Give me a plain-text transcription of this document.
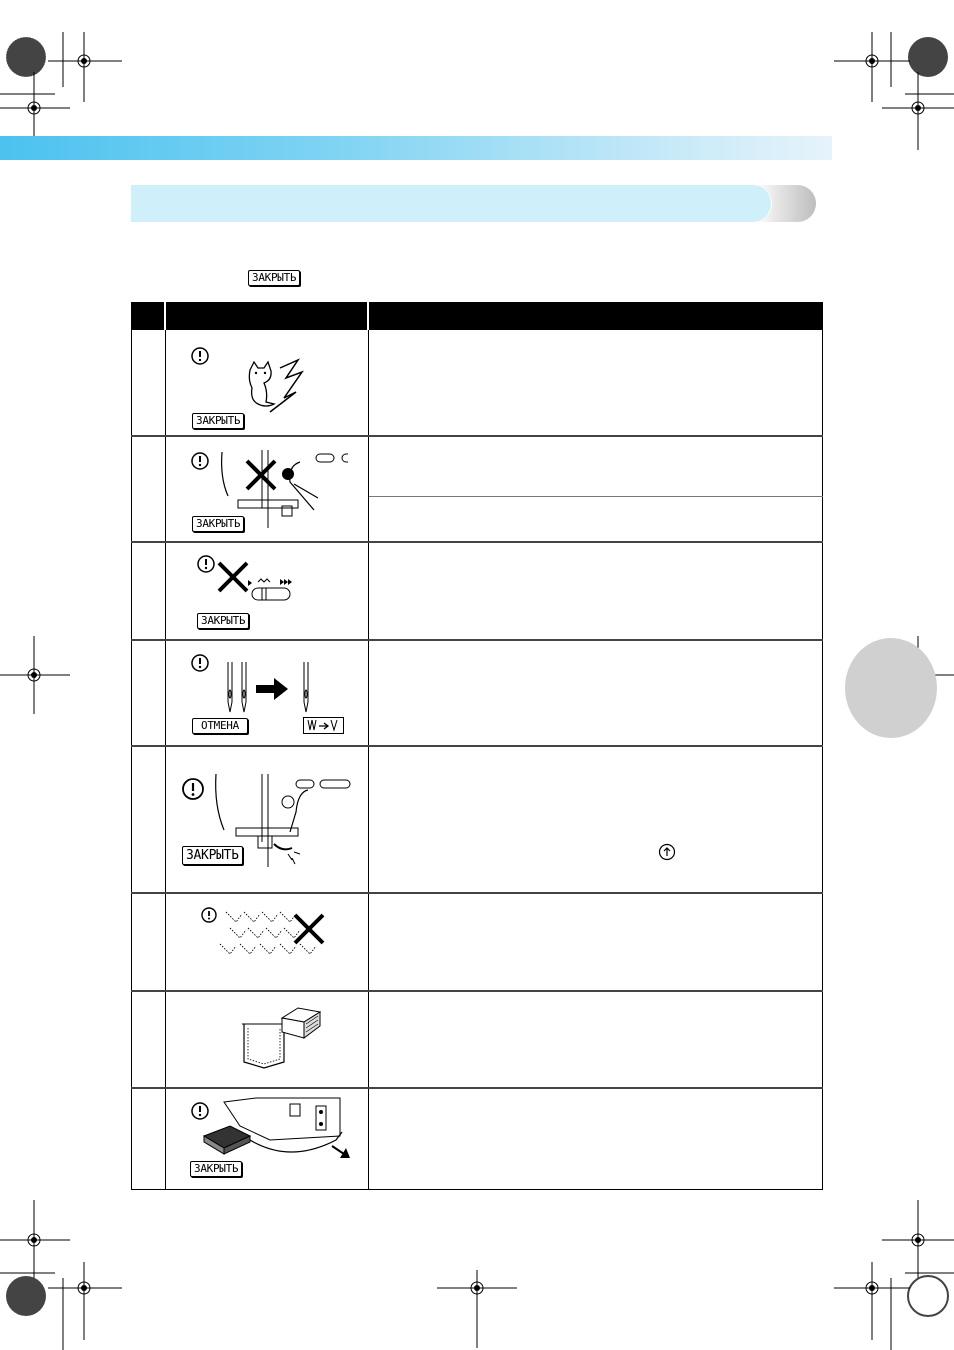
ЗАКРЫТЬ
ЗАКРЫТЬ
ЗАКРЫТЬ
ЗАКРЫТЬ
ОТМЕНА
ЗАКРЫТЬ
ЗАКРЫТЬ
